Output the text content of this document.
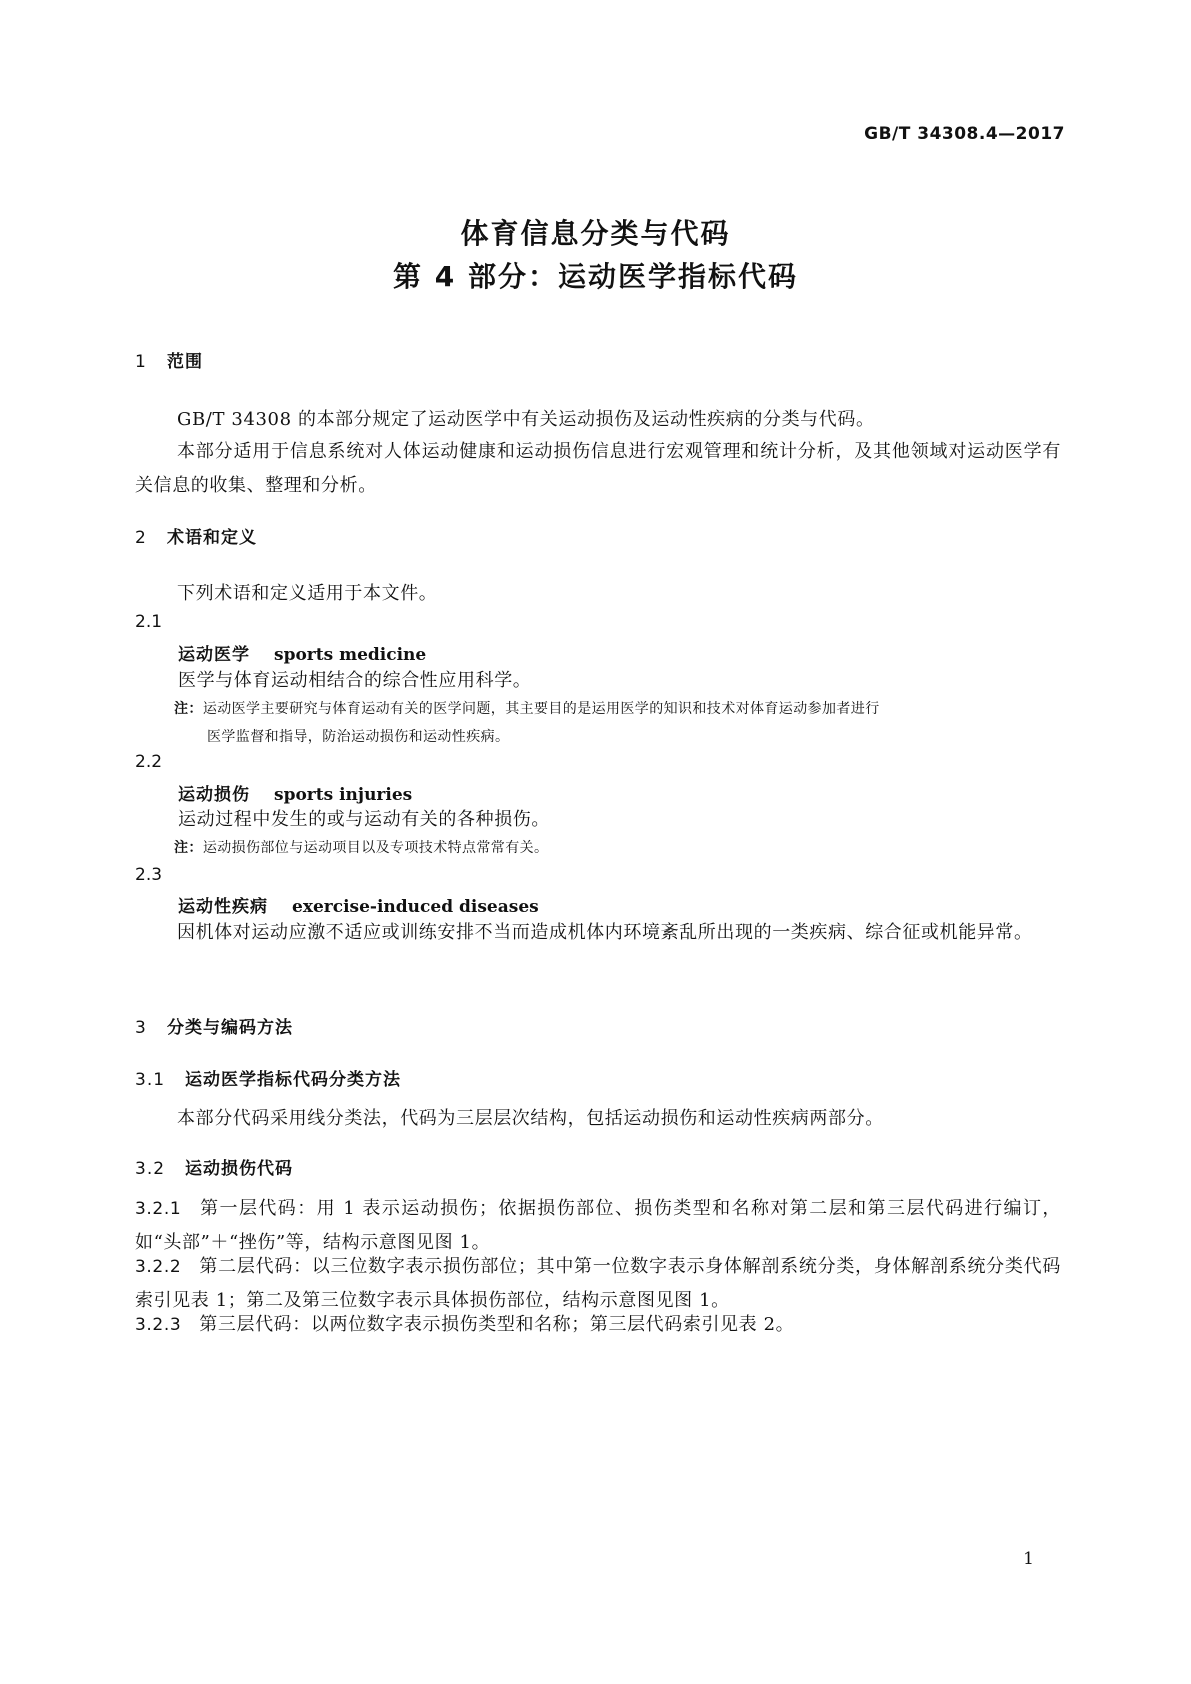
GB/T 34308.4—2017
体育信息分类与代码
第 4 部分：运动医学指标代码
1 范围
GB/T 34308 的本部分规定了运动医学中有关运动损伤及运动性疾病的分类与代码。
本部分适用于信息系统对人体运动健康和运动损伤信息进行宏观管理和统计分析，及其他领域对运动医学有关信息的收集、整理和分析。
2 术语和定义
下列术语和定义适用于本文件。
2.1
运动医学 sports medicine
医学与体育运动相结合的综合性应用科学。
注：运动医学主要研究与体育运动有关的医学问题，其主要目的是运用医学的知识和技术对体育运动参加者进行
医学监督和指导，防治运动损伤和运动性疾病。
2.2
运动损伤 sports injuries
运动过程中发生的或与运动有关的各种损伤。
注：运动损伤部位与运动项目以及专项技术特点常常有关。
2.3
运动性疾病 exercise-induced diseases
因机体对运动应激不适应或训练安排不当而造成机体内环境紊乱所出现的一类疾病、综合征或机能异常。
3 分类与编码方法
3.1 运动医学指标代码分类方法
本部分代码采用线分类法，代码为三层层次结构，包括运动损伤和运动性疾病两部分。
3.2 运动损伤代码
3.2.1 第一层代码：用 1 表示运动损伤；依据损伤部位、损伤类型和名称对第二层和第三层代码进行编订，如“头部”＋“挫伤”等，结构示意图见图 1。
3.2.2 第二层代码：以三位数字表示损伤部位；其中第一位数字表示身体解剖系统分类，身体解剖系统分类代码索引见表 1；第二及第三位数字表示具体损伤部位，结构示意图见图 1。
3.2.3 第三层代码：以两位数字表示损伤类型和名称；第三层代码索引见表 2。
1
